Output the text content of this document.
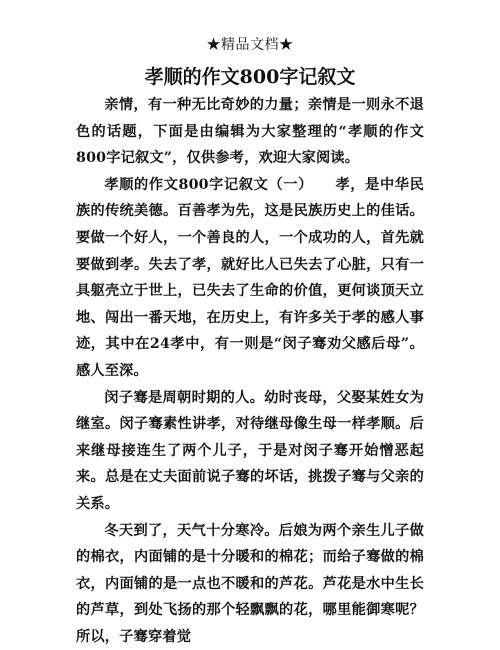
★精品文档★
孝顺的作文800字记叙文

亲情，有一种无比奇妙的力量；亲情是一则永不退色的话题，下面是由编辑为大家整理的“孝顺的作文800字记叙文”，仅供参考，欢迎大家阅读。

孝顺的作文800字记叙文（一）　　孝，是中华民族的传统美德。百善孝为先，这是民族历史上的佳话。要做一个好人，一个善良的人，一个成功的人，首先就要做到孝。失去了孝，就好比人已失去了心脏，只有一具躯壳立于世上，已失去了生命的价值，更何谈顶天立地、闯出一番天地，在历史上，有许多关于孝的感人事迹，其中在24孝中，有一则是“闵子骞劝父感后母”。感人至深。

闵子骞是周朝时期的人。幼时丧母，父娶某姓女为继室。闵子骞素性讲孝，对待继母像生母一样孝顺。后来继母接连生了两个儿子，于是对闵子骞开始憎恶起来。总是在丈夫面前说子骞的坏话，挑拨子骞与父亲的关系。

冬天到了，天气十分寒冷。后娘为两个亲生儿子做的棉衣，内面铺的是十分暖和的棉花；而给子骞做的棉衣，内面铺的是一点也不暖和的芦花。芦花是水中生长的芦草，到处飞扬的那个轻飘飘的花，哪里能御寒呢？所以，子骞穿着觉
